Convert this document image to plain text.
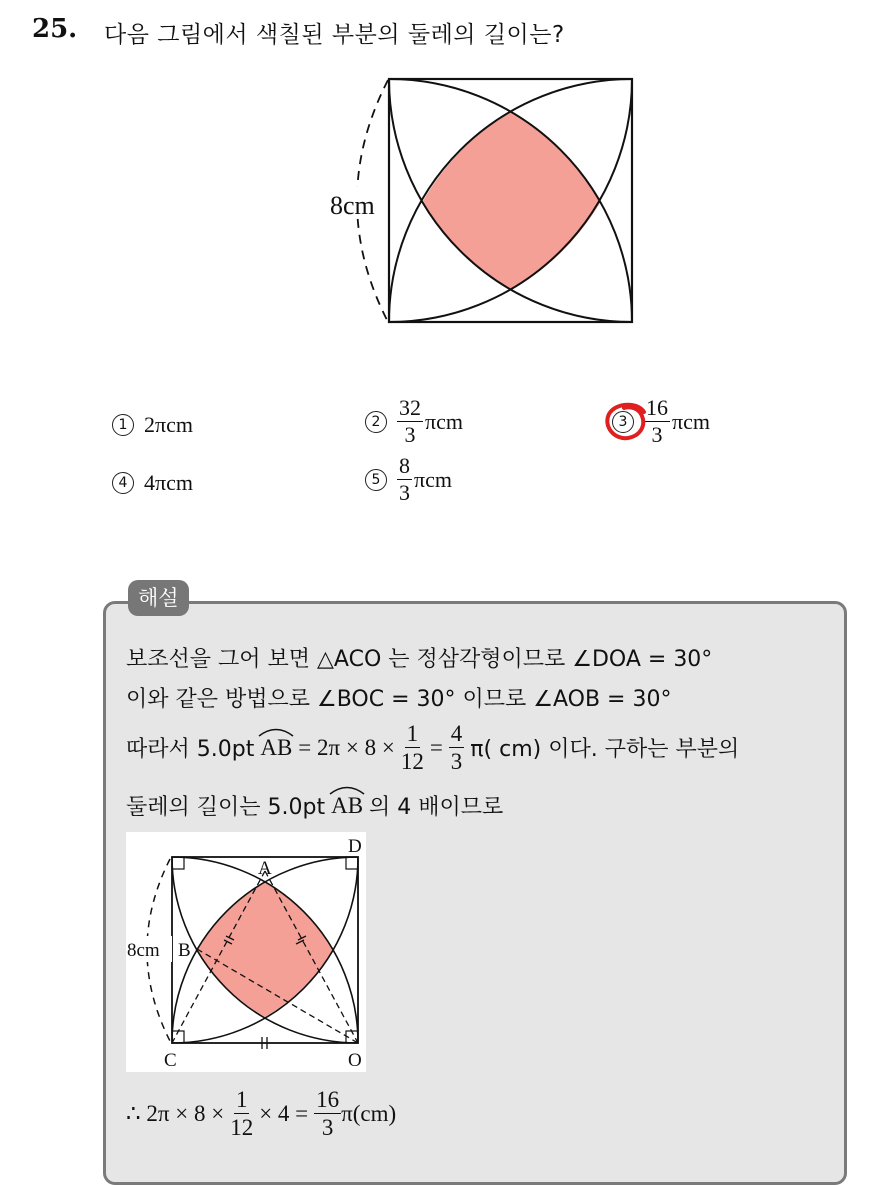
25. 다음 그림에서 색칠된 부분의 둘레의 길이는?
8cm
1 2π cm	$2 \frac{32}{3}$ πcm	$3 \frac{16}{3}$ πcm
4 4π cm	$5 \frac{8}{3}$ πcm
해설
보조선을 그어 보면 △ACO 는 정삼각형이므로 ∠DOA = 30°
이와 같은 방법으로 ∠BOC = 30° 이므로 ∠AOB = 30°
따라서 5.0pt AB = $2\pi \times 8 \times \frac{1}{12} = \frac{4}{3} \pi$( cm) 이다. 구하는 부분의
둘레의 길이는 5.0pt AB 의 4 배이므로
A
B
C
D
O
8cm
∴ $2\pi \times 8 \times \frac{1}{12} \times 4 = \frac{16}{3} \pi(cm)$
